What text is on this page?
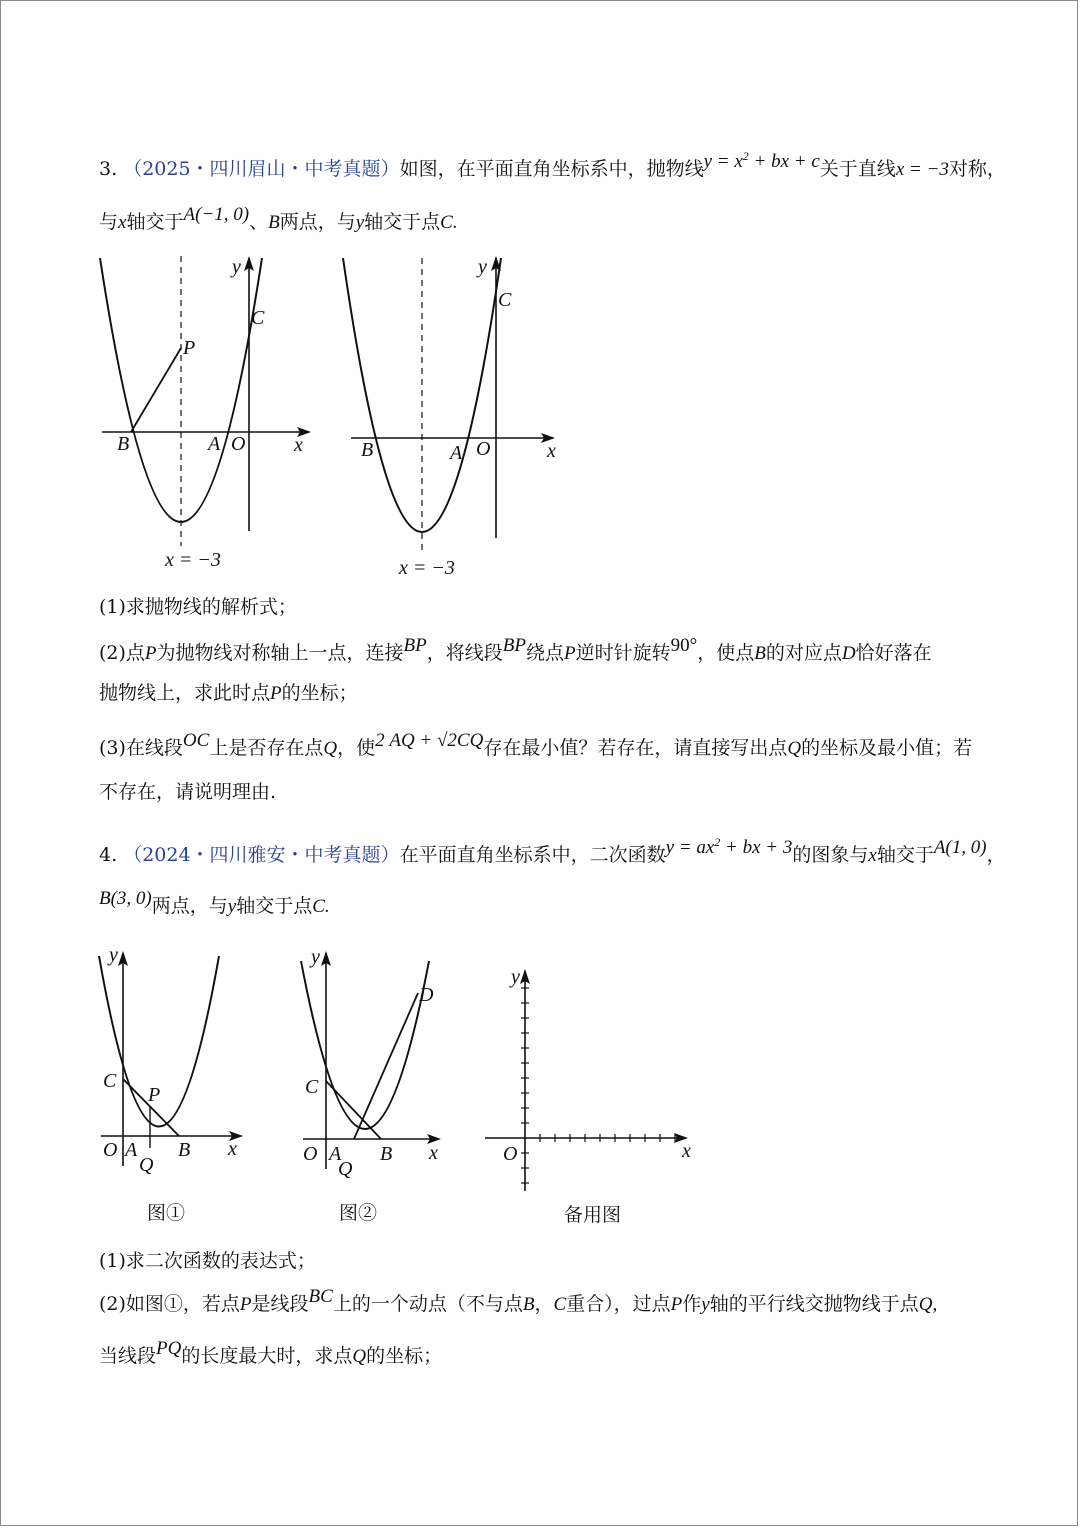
3. （2025・四川眉山・中考真题）如图，在平面直角坐标系中，抛物线$y = x^2$ + bx + c关于直线x = −3对称，
与x轴交于A(−1, 0)、B两点，与y轴交于点C.
y
x
B	A O
C
P
x = −3
y
x
B	A O
C
x = −3
(1)求抛物线的解析式；
(2)点P为抛物线对称轴上一点，连接BP，将线段BP绕点P逆时针旋转90°，使点B的对应点D恰好落在
抛物线上，求此时点P的坐标；
(3)在线段OC上是否存在点Q，使2 AQ + √2CQ存在最小值？若存在，请直接写出点Q的坐标及最小值；若
不存在，请说明理由.
4. （2024・四川雅安・中考真题）在平面直角坐标系中，二次函数$y = ax^2$ + bx + 3的图象与x轴交于A(1, 0)，
B(3, 0)两点，与y轴交于点C.
y
x
O A B
C
P
Q
图①
y
x
O A B
C
D
Q
图②
y
x
O
备用图
(1)求二次函数的表达式；
(2)如图①，若点P是线段BC上的一个动点（不与点B，C重合），过点P作y轴的平行线交抛物线于点Q,
当线段PQ的长度最大时，求点Q的坐标；
